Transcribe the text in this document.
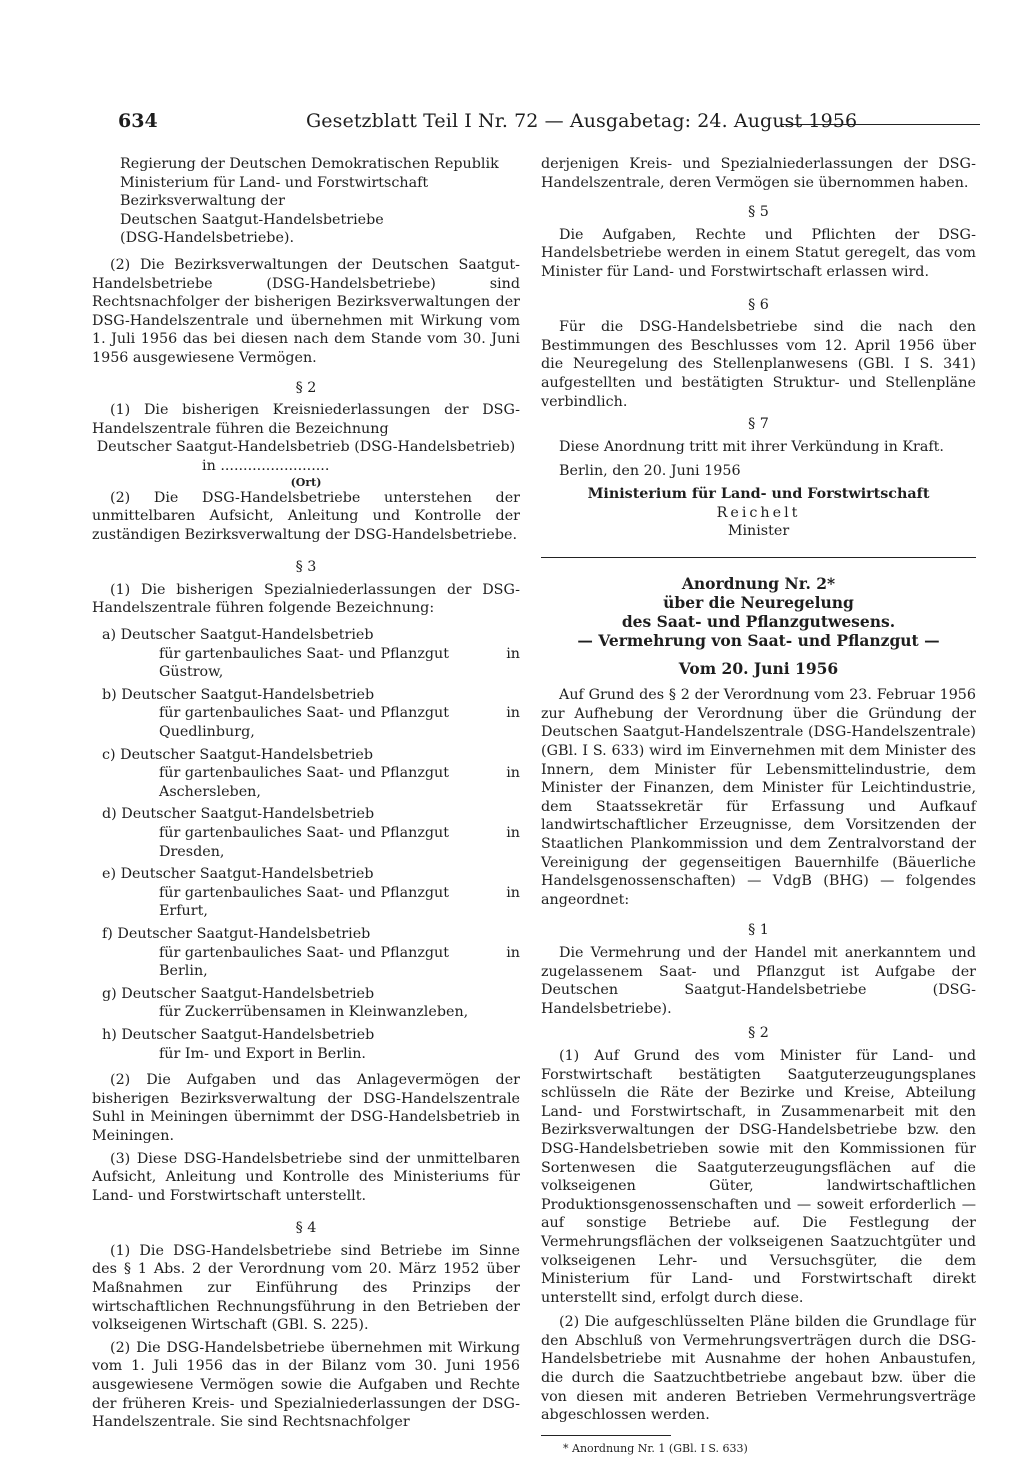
634	Gesetzblatt Teil I Nr. 72 — Ausgabetag: 24. August 1956

Regierung der Deutschen Demokratischen Republik

Ministerium für Land- und Forstwirtschaft

Bezirksverwaltung der

Deutschen Saatgut-Handelsbetriebe

(DSG-Handelsbetriebe).

(2) Die Bezirksverwaltungen der Deutschen Saatgut-Handelsbetriebe (DSG-Handelsbetriebe) sind Rechtsnachfolger der bisherigen Bezirksverwaltungen der DSG-Handelszentrale und übernehmen mit Wirkung vom 1. Juli 1956 das bei diesen nach dem Stande vom 30. Juni 1956 ausgewiesene Vermögen.

§ 2

(1) Die bisherigen Kreisniederlassungen der DSG-Handelszentrale führen die Bezeichnung

Deutscher Saatgut-Handelsbetrieb (DSG-Handelsbetrieb)

in ........................

(Ort)

(2) Die DSG-Handelsbetriebe unterstehen der unmittelbaren Aufsicht, Anleitung und Kontrolle der zuständigen Bezirksverwaltung der DSG-Handelsbetriebe.

§ 3

(1) Die bisherigen Spezialniederlassungen der DSG-Handelszentrale führen folgende Bezeichnung:

a) Deutscher Saatgut-Handelsbetrieb
für gartenbauliches Saat- und Pflanzgut	in
Güstrow,
b) Deutscher Saatgut-Handelsbetrieb
für gartenbauliches Saat- und Pflanzgut	in
Quedlinburg,
c) Deutscher Saatgut-Handelsbetrieb
für gartenbauliches Saat- und Pflanzgut	in
Aschersleben,
d) Deutscher Saatgut-Handelsbetrieb
für gartenbauliches Saat- und Pflanzgut	in
Dresden,
e) Deutscher Saatgut-Handelsbetrieb
für gartenbauliches Saat- und Pflanzgut	in
Erfurt,
f) Deutscher Saatgut-Handelsbetrieb
für gartenbauliches Saat- und Pflanzgut	in
Berlin,
g) Deutscher Saatgut-Handelsbetrieb
für Zuckerrübensamen in Kleinwanzleben,
h) Deutscher Saatgut-Handelsbetrieb
für Im- und Export in Berlin.

(2) Die Aufgaben und das Anlagevermögen der bisherigen Bezirksverwaltung der DSG-Handelszentrale Suhl in Meiningen übernimmt der DSG-Handelsbetrieb in Meiningen.

(3) Diese DSG-Handelsbetriebe sind der unmittelbaren Aufsicht, Anleitung und Kontrolle des Ministeriums für Land- und Forstwirtschaft unterstellt.

§ 4

(1) Die DSG-Handelsbetriebe sind Betriebe im Sinne des § 1 Abs. 2 der Verordnung vom 20. März 1952 über Maßnahmen zur Einführung des Prinzips der wirtschaftlichen Rechnungsführung in den Betrieben der volkseigenen Wirtschaft (GBl. S. 225).

(2) Die DSG-Handelsbetriebe übernehmen mit Wirkung vom 1. Juli 1956 das in der Bilanz vom 30. Juni 1956 ausgewiesene Vermögen sowie die Aufgaben und Rechte der früheren Kreis- und Spezialniederlassungen der DSG-Handelszentrale. Sie sind Rechtsnachfolger

derjenigen Kreis- und Spezialniederlassungen der DSG-Handelszentrale, deren Vermögen sie übernommen haben.

§ 5

Die Aufgaben, Rechte und Pflichten der DSG-Handelsbetriebe werden in einem Statut geregelt, das vom Minister für Land- und Forstwirtschaft erlassen wird.

§ 6

Für die DSG-Handelsbetriebe sind die nach den Bestimmungen des Beschlusses vom 12. April 1956 über die Neuregelung des Stellenplanwesens (GBl. I S. 341) aufgestellten und bestätigten Struktur- und Stellenpläne verbindlich.

§ 7

Diese Anordnung tritt mit ihrer Verkündung in Kraft.

Berlin, den 20. Juni 1956

Ministerium für Land- und Forstwirtschaft

Reichelt

Minister

Anordnung Nr. 2*

über die Neuregelung

des Saat- und Pflanzgutwesens.

— Vermehrung von Saat- und Pflanzgut —

Vom 20. Juni 1956

Auf Grund des § 2 der Verordnung vom 23. Februar 1956 zur Aufhebung der Verordnung über die Gründung der Deutschen Saatgut-Handelszentrale (DSG-Handelszentrale) (GBl. I S. 633) wird im Einvernehmen mit dem Minister des Innern, dem Minister für Lebensmittelindustrie, dem Minister der Finanzen, dem Minister für Leichtindustrie, dem Staatssekretär für Erfassung und Aufkauf landwirtschaftlicher Erzeugnisse, dem Vorsitzenden der Staatlichen Plankommission und dem Zentralvorstand der Vereinigung der gegenseitigen Bauernhilfe (Bäuerliche Handelsgenossenschaften) — VdgB (BHG) — folgendes angeordnet:

§ 1

Die Vermehrung und der Handel mit anerkanntem und zugelassenem Saat- und Pflanzgut ist Aufgabe der Deutschen Saatgut-Handelsbetriebe (DSG-Handelsbetriebe).

§ 2

(1) Auf Grund des vom Minister für Land- und Forstwirtschaft bestätigten Saatguterzeugungsplanes schlüsseln die Räte der Bezirke und Kreise, Abteilung Land- und Forstwirtschaft, in Zusammenarbeit mit den Bezirksverwaltungen der DSG-Handelsbetriebe bzw. den DSG-Handelsbetrieben sowie mit den Kommissionen für Sortenwesen die Saatguterzeugungsflächen auf die volkseigenen Güter, landwirtschaftlichen Produktionsgenossenschaften und — soweit erforderlich — auf sonstige Betriebe auf. Die Festlegung der Vermehrungsflächen der volkseigenen Saatzuchtgüter und volkseigenen Lehr- und Versuchsgüter, die dem Ministerium für Land- und Forstwirtschaft direkt unterstellt sind, erfolgt durch diese.

(2) Die aufgeschlüsselten Pläne bilden die Grundlage für den Abschluß von Vermehrungsverträgen durch die DSG-Handelsbetriebe mit Ausnahme der hohen Anbaustufen, die durch die Saatzuchtbetriebe angebaut bzw. über die von diesen mit anderen Betrieben Vermehrungsverträge abgeschlossen werden.

* Anordnung Nr. 1 (GBl. I S. 633)
